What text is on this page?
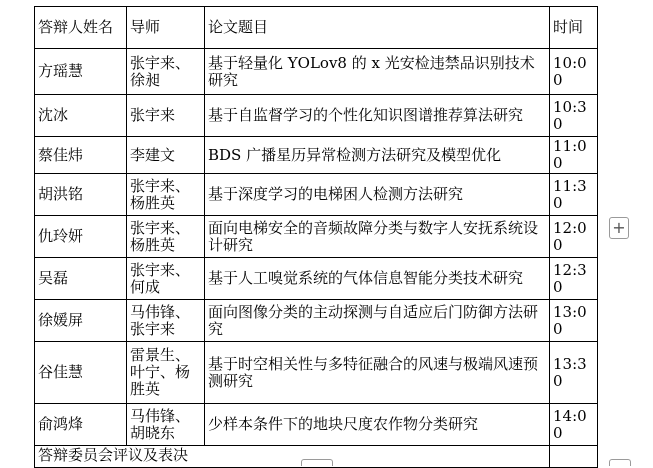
答辩人姓名	导师	论文题目	时间
方瑶慧	张宇来、徐昶	基于轻量化 YOLov8 的 x 光安检违禁品识别技术研究	10:00
沈冰	张宇来	基于自监督学习的个性化知识图谱推荐算法研究	10:30
蔡佳炜	李建文	BDS 广播星历异常检测方法研究及模型优化	11:00
胡洪铭	张宇来、杨胜英	基于深度学习的电梯困人检测方法研究	11:30
仇玲妍	张宇来、杨胜英	面向电梯安全的音频故障分类与数字人安抚系统设计研究	12:00
吴磊	张宇来、何成	基于人工嗅觉系统的气体信息智能分类技术研究	12:30
徐媛屏	马伟锋、张宇来	面向图像分类的主动探测与自适应后门防御方法研究	13:00
谷佳慧	雷景生、叶宁、杨胜英	基于时空相关性与多特征融合的风速与极端风速预测研究	13:30
俞鸿烽	马伟锋、胡晓东	少样本条件下的地块尺度农作物分类研究	14:00
答辩委员会评议及表决			
+
